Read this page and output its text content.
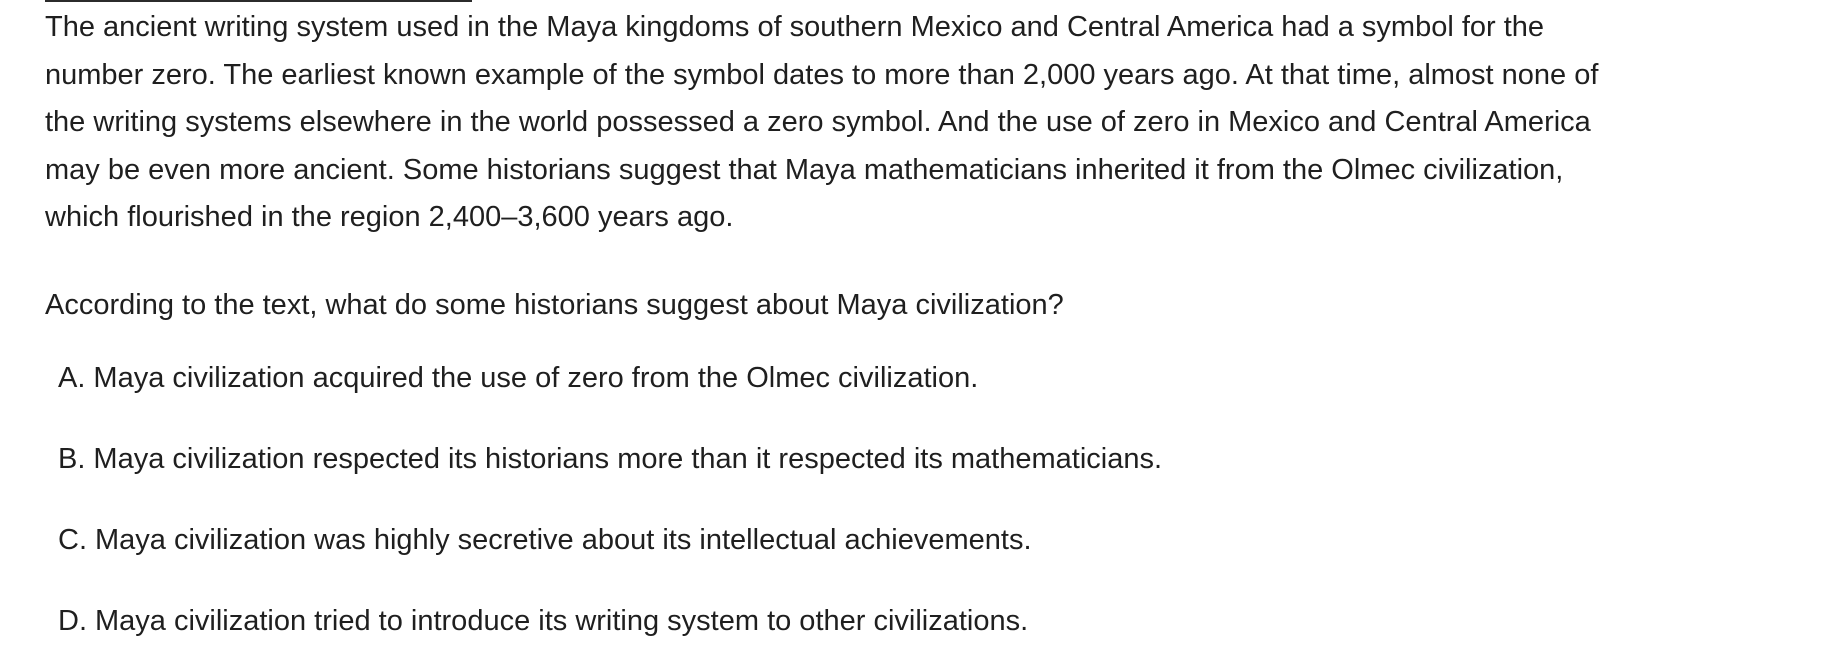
The ancient writing system used in the Maya kingdoms of southern Mexico and Central America had a symbol for the
number zero. The earliest known example of the symbol dates to more than 2,000 years ago. At that time, almost none of
the writing systems elsewhere in the world possessed a zero symbol. And the use of zero in Mexico and Central America
may be even more ancient. Some historians suggest that Maya mathematicians inherited it from the Olmec civilization,
which flourished in the region 2,400–3,600 years ago.

According to the text, what do some historians suggest about Maya civilization?

A. Maya civilization acquired the use of zero from the Olmec civilization.
B. Maya civilization respected its historians more than it respected its mathematicians.
C. Maya civilization was highly secretive about its intellectual achievements.
D. Maya civilization tried to introduce its writing system to other civilizations.
